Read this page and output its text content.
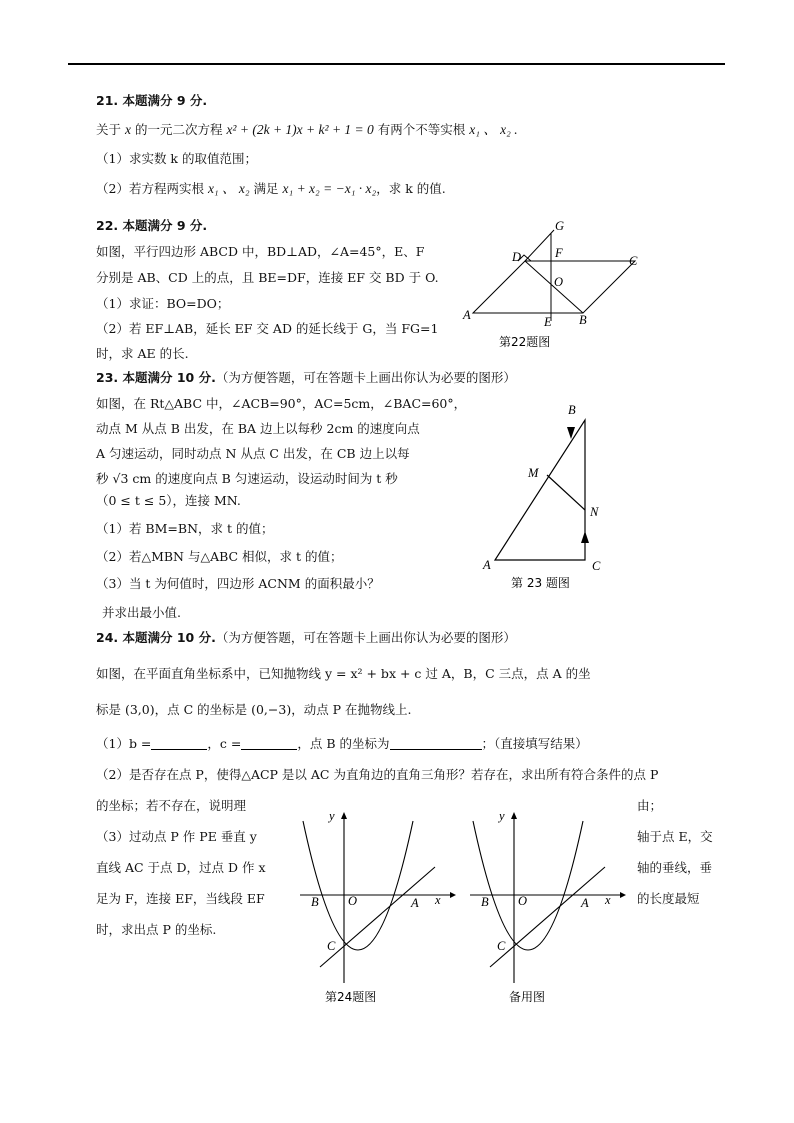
21. 本题满分 9 分.
关于 x 的一元二次方程 x² + (2k + 1)x + k² + 1 = 0 有两个不等实根 x₁ 、 x₂ .
（1）求实数 k 的取值范围；
（2）若方程两实根 x₁ 、 x₂ 满足 x₁ + x₂ = −x₁ · x₂，求 k 的值.
22. 本题满分 9 分.
如图，平行四边形 ABCD 中，BD⊥AD，∠A=45°，E、F
分别是 AB、CD 上的点，且 BE=DF，连接 EF 交 BD 于 O.
（1）求证：BO=DO；
（2）若 EF⊥AB，延长 EF 交 AD 的延长线于 G，当 FG=1
时，求 AE 的长.
A	B
C
D
E
F
G
O
第22题图
23. 本题满分 10 分.（为方便答题，可在答题卡上画出你认为必要的图形）
如图，在 Rt△ABC 中，∠ACB=90°，AC=5cm，∠BAC=60°，
动点 M 从点 B 出发，在 BA 边上以每秒 2cm 的速度向点
A 匀速运动，同时动点 N 从点 C 出发，在 CB 边上以每
秒 √3 cm 的速度向点 B 匀速运动，设运动时间为 t 秒
（0 ≤ t ≤ 5），连接 MN.
（1）若 BM=BN，求 t 的值；
（2）若△MBN 与△ABC 相似，求 t 的值；
（3）当 t 为何值时，四边形 ACNM 的面积最小？
并求出最小值.
A
B
C
M
N
第 23 题图
24. 本题满分 10 分.（为方便答题，可在答题卡上画出你认为必要的图形）
如图，在平面直角坐标系中，已知抛物线 y = x² + bx + c 过 A，B，C 三点，点 A 的坐
标是 (3,0)，点 C 的坐标是 (0,−3)，动点 P 在抛物线上.
（1）b =	，c =	，点 B 的坐标为	；（直接填写结果）
（2）是否存在点 P，使得△ACP 是以 AC 为直角边的直角三角形？若存在，求出所有符合条件的点 P
的坐标；若不存在，说明理	由；
（3）过动点 P 作 PE 垂直 y	轴于点 E，交
直线 AC 于点 D，过点 D 作 x	轴的垂线，垂
足为 F，连接 EF，当线段 EF	的长度最短
时，求出点 P 的坐标.
x
y
O
B	A
C
第24题图
x
y
O
B	A
C
备用图
